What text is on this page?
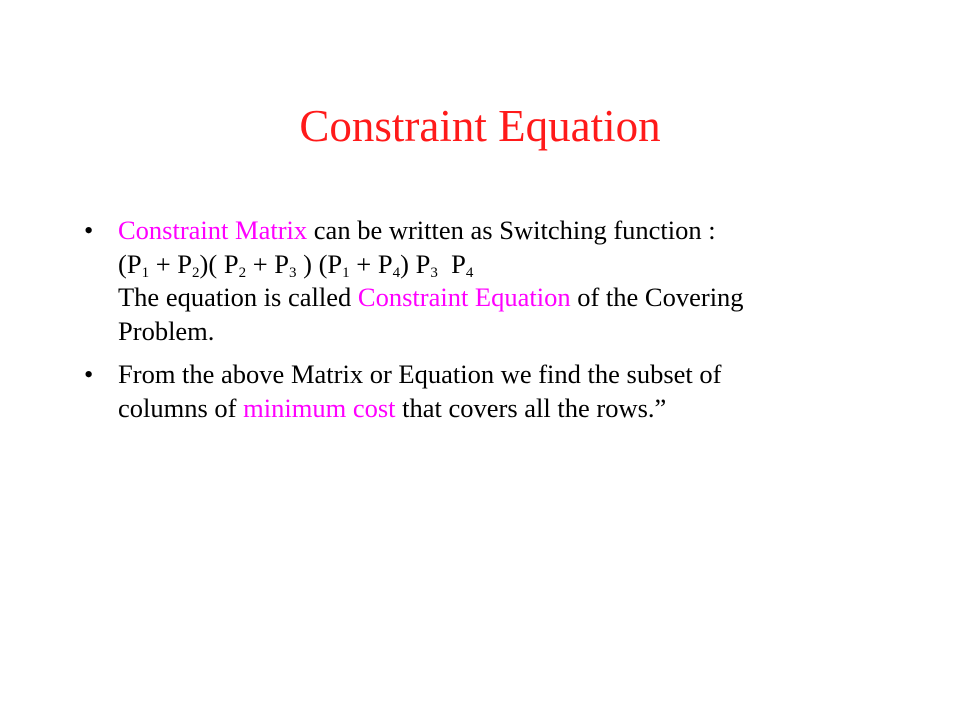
Constraint Equation
• Constraint Matrix can be written as Switching function :
$(P_1 + P_2)$( $P_2 + P_3$ ) $(P_1 + P_4)$ $P_3$ $P_4$
The equation is called Constraint Equation of the Covering
Problem.
• From the above Matrix or Equation we find the subset of
columns of minimum cost that covers all the rows.”
